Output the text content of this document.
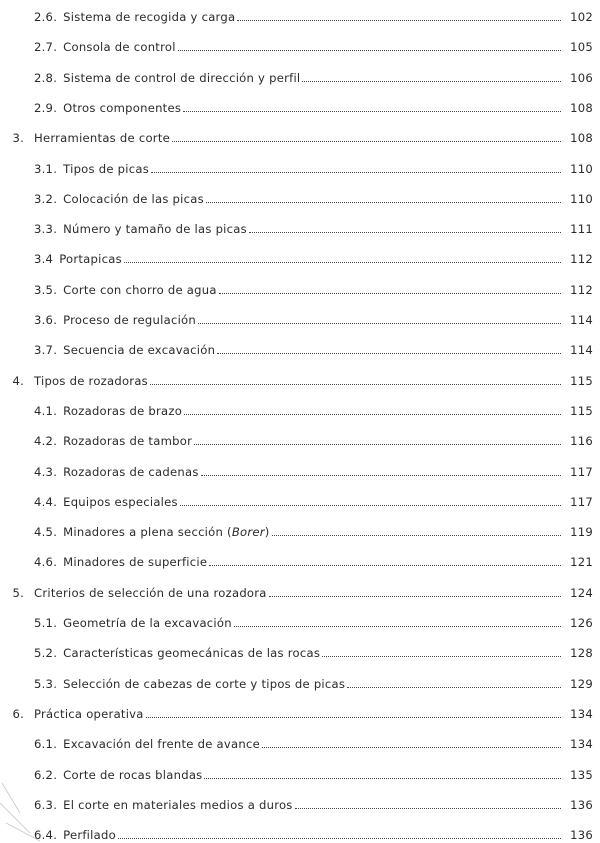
2.6. Sistema de recogida y carga	102
2.7. Consola de control	105
2.8. Sistema de control de dirección y perfil	106
2.9. Otros componentes	108
3. Herramientas de corte	108
3.1. Tipos de picas	110
3.2. Colocación de las picas	110
3.3. Número y tamaño de las picas	111
3.4 Portapicas	112
3.5. Corte con chorro de agua	112
3.6. Proceso de regulación	114
3.7. Secuencia de excavación	114
4. Tipos de rozadoras	115
4.1. Rozadoras de brazo	115
4.2. Rozadoras de tambor	116
4.3. Rozadoras de cadenas	117
4.4. Equipos especiales	117
4.5. Minadores a plena sección (Borer)	119
4.6. Minadores de superficie	121
5. Criterios de selección de una rozadora	124
5.1. Geometría de la excavación	126
5.2. Características geomecánicas de las rocas	128
5.3. Selección de cabezas de corte y tipos de picas	129
6. Práctica operativa	134
6.1. Excavación del frente de avance	134
6.2. Corte de rocas blandas	135
6.3. El corte en materiales medios a duros	136
6.4. Perfilado	136
